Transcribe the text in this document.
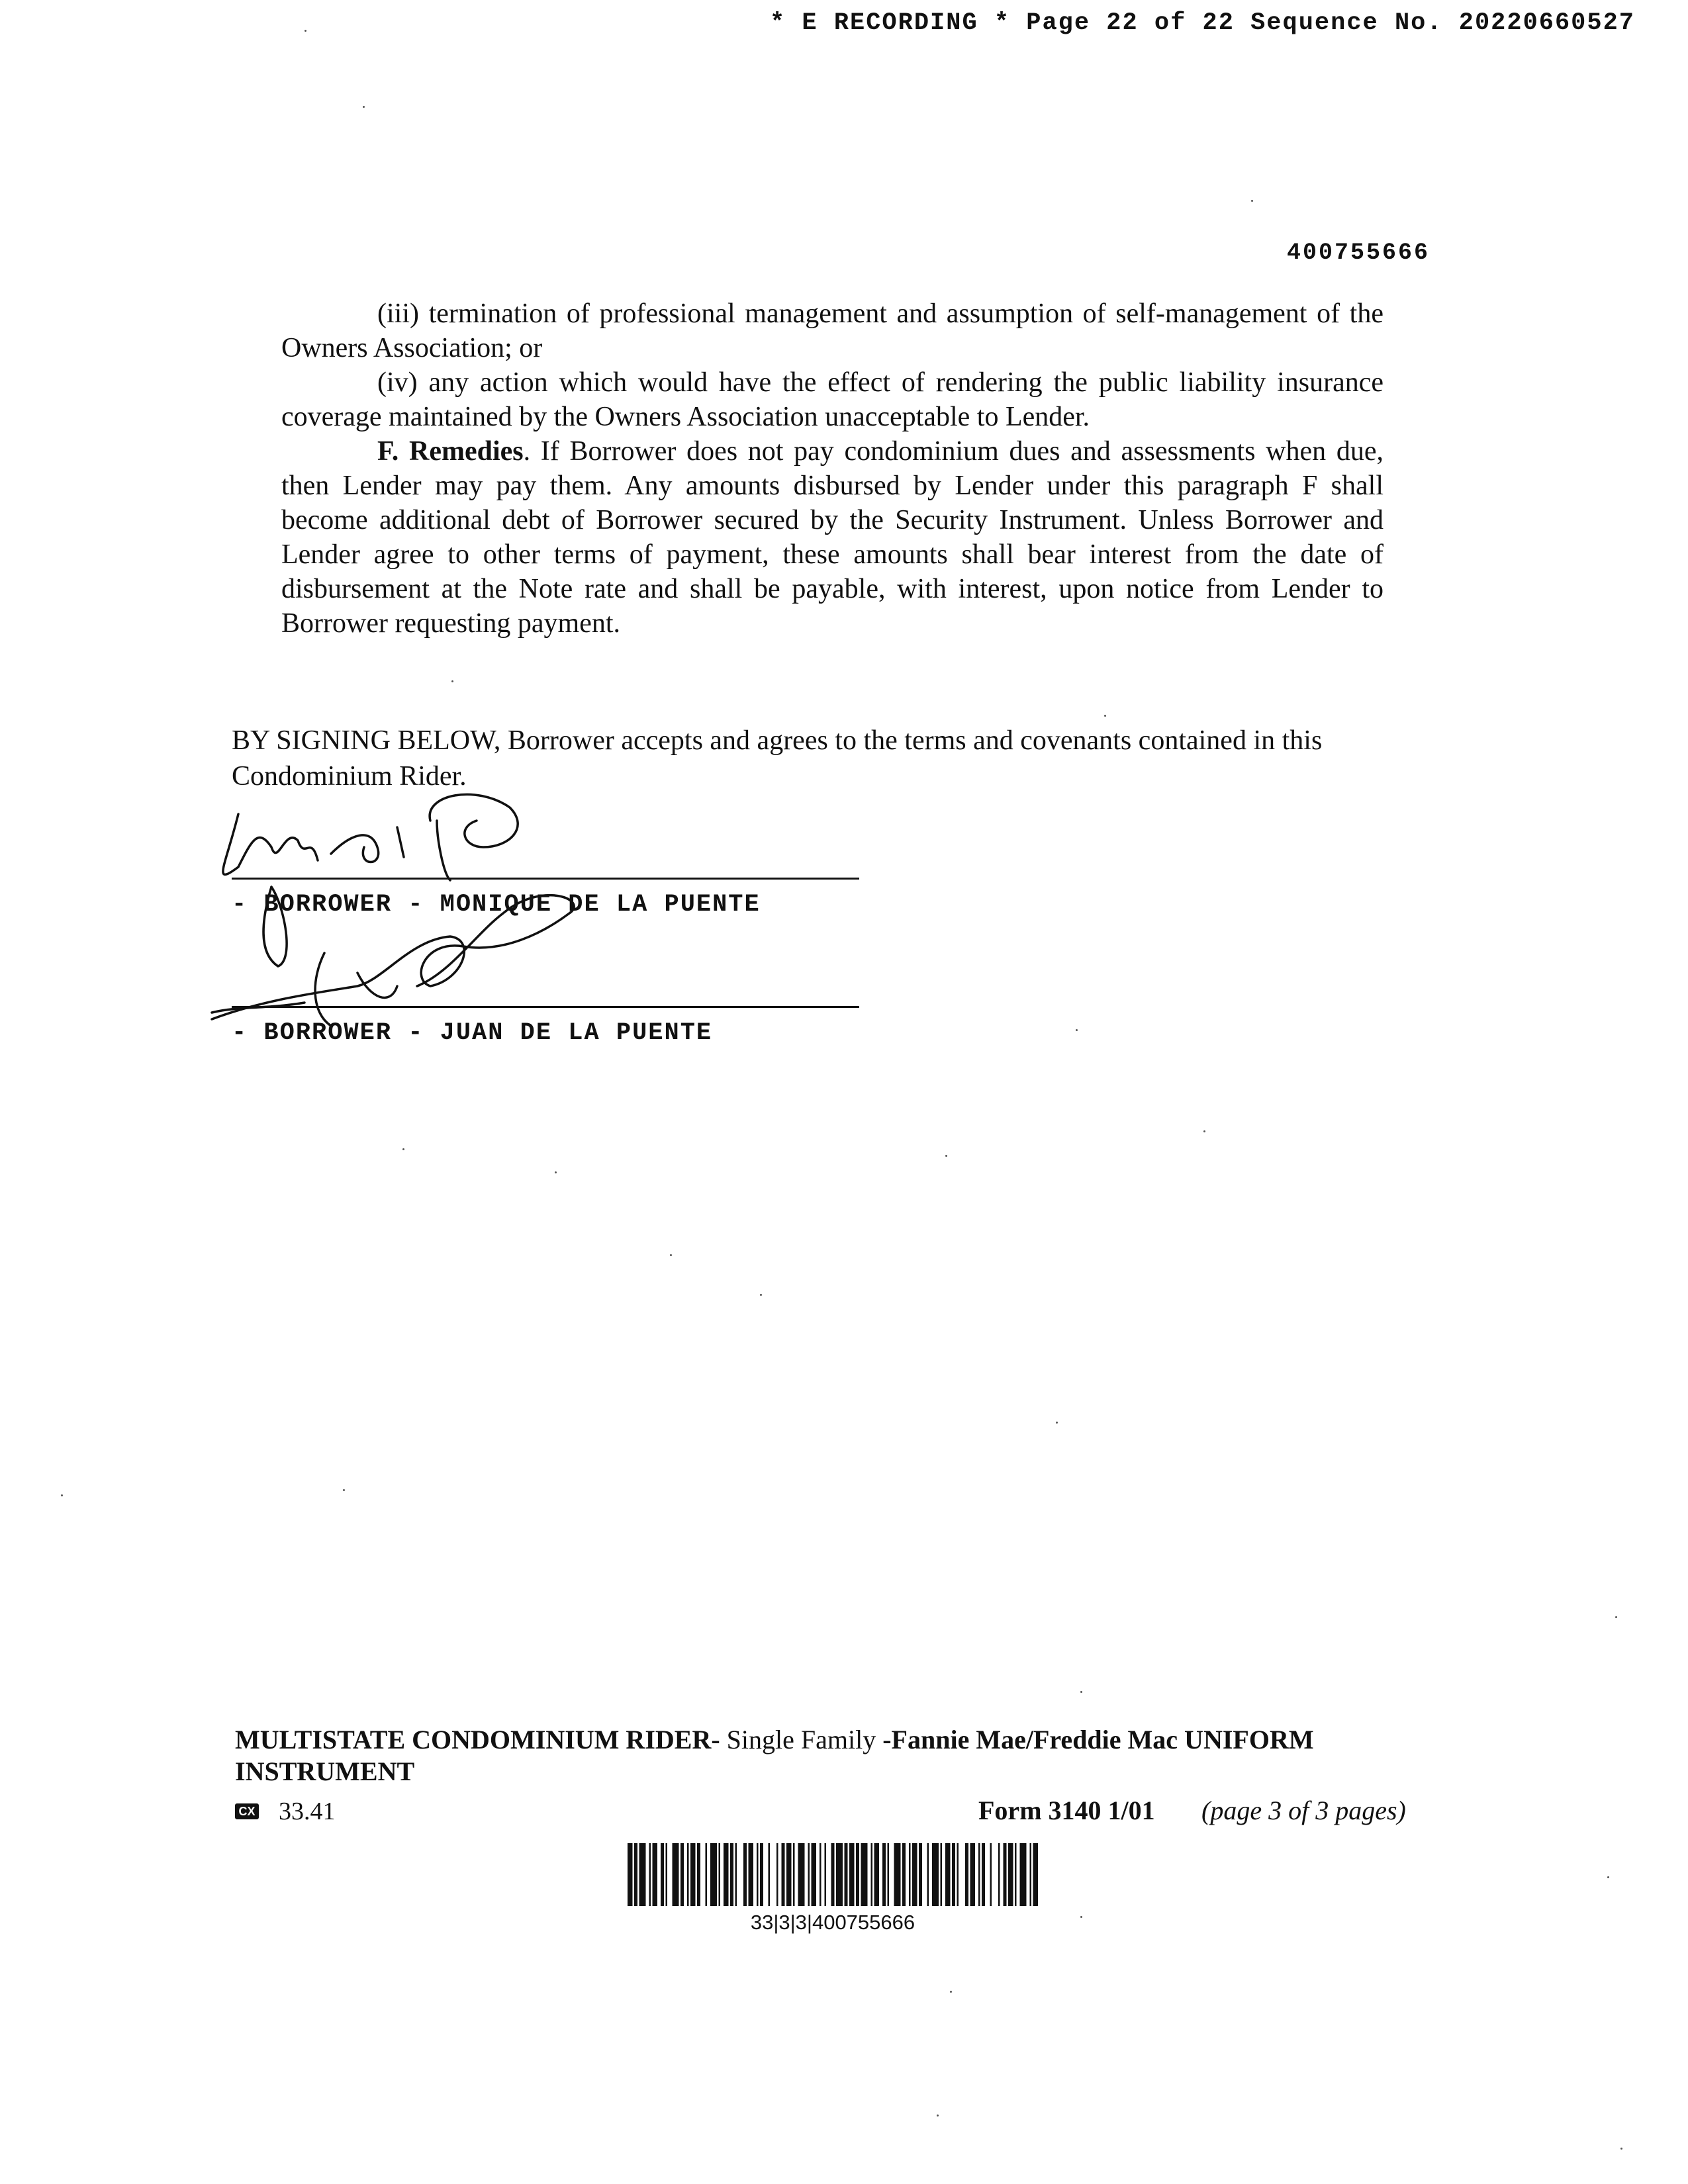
* E RECORDING * Page 22 of 22 Sequence No. 20220660527
400755666

(iii) termination of professional management and assumption of self-management of the Owners Association; or

(iv) any action which would have the effect of rendering the public liability insurance coverage maintained by the Owners Association unacceptable to Lender.

F. Remedies. If Borrower does not pay condominium dues and assessments when due, then Lender may pay them. Any amounts disbursed by Lender under this paragraph F shall become additional debt of Borrower secured by the Security Instrument. Unless Borrower and Lender agree to other terms of payment, these amounts shall bear interest from the date of disbursement at the Note rate and shall be payable, with interest, upon notice from Lender to Borrower requesting payment.

BY SIGNING BELOW, Borrower accepts and agrees to the terms and covenants contained in this Condominium Rider.
- BORROWER - MONIQUE DE LA PUENTE
- BORROWER - JUAN DE LA PUENTE
MULTISTATE CONDOMINIUM RIDER- Single Family -Fannie Mae/Freddie Mac UNIFORM INSTRUMENT
CX 33.41	Form 3140 1/01 (page 3 of 3 pages)
33|3|3|400755666
